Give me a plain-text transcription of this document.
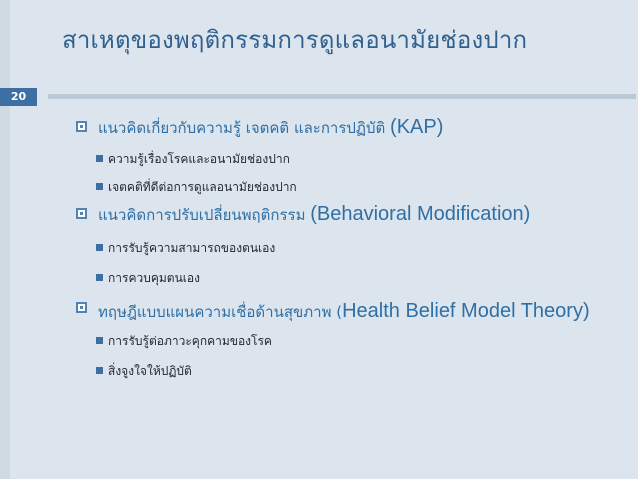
สาเหตุของพฤติกรรมการดูแลอนามัยช่องปาก
20
แนวคิดเกี่ยวกับความรู้ เจตคติ และการปฏิบัติ (KAP)
ความรู้เรื่องโรคและอนามัยช่องปาก
เจตคติที่ดีต่อการดูแลอนามัยช่องปาก
แนวคิดการปรับเปลี่ยนพฤติกรรม (Behavioral Modification)
การรับรู้ความสามารถของตนเอง
การควบคุมตนเอง
ทฤษฎีแบบแผนความเชื่อด้านสุขภาพ (Health Belief Model Theory)
การรับรู้ต่อภาวะคุกคามของโรค
สิ่งจูงใจให้ปฏิบัติ
